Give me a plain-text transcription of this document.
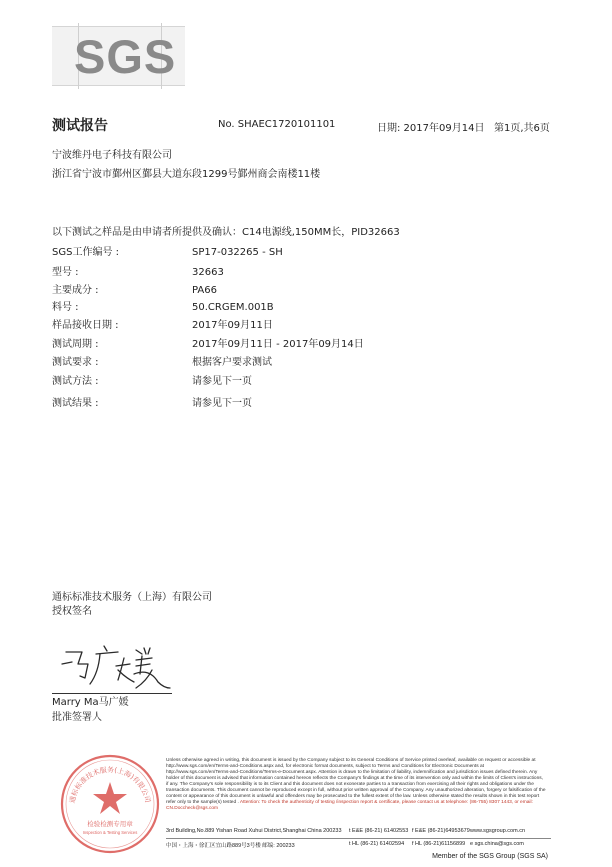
SGS
测试报告	No. SHAEC1720101101	日期: 2017年09月14日 第1页,共6页
宁波维丹电子科技有限公司
浙江省宁波市鄞州区鄞县大道东段1299号鄞州商会南楼11楼
以下测试之样品是由申请者所提供及确认：C14电源线,150MM长，PID32663
SGS工作编号 :	SP17-032265 - SH
型号 :	32663
主要成分 :	PA66
料号 :	50.CRGEM.001B
样品接收日期 :	2017年09月11日
测试周期 :	2017年09月11日 - 2017年09月14日
测试要求 :	根据客户要求测试
测试方法 :	请参见下一页
测试结果 :	请参见下一页
通标标准技术服务（上海）有限公司
授权签名
Marry Ma马广媛
批准签署人
通标标准技术服务(上海)有限公司
检验检测专用章
Inspection & Testing Services
Unless otherwise agreed in writing, this document is issued by the Company subject to its General Conditions of Service printed overleaf, available on request or accessible at http://www.sgs.com/en/Terms-and-Conditions.aspx and, for electronic format documents, subject to Terms and Conditions for Electronic Documents at http://www.sgs.com/en/Terms-and-Conditions/Terms-e-Document.aspx. Attention is drawn to the limitation of liability, indemnification and jurisdiction issues defined therein. Any holder of this document is advised that information contained hereon reflects the Company's findings at the time of its intervention only and within the limits of Client's instructions, if any. The Company's sole responsibility is to its Client and this document does not exonerate parties to a transaction from exercising all their rights and obligations under the transaction documents. This document cannot be reproduced except in full, without prior written approval of the Company. Any unauthorized alteration, forgery or falsification of the content or appearance of this document is unlawful and offenders may be prosecuted to the fullest extent of the law. Unless otherwise stated the results shown in this test report refer only to the sample(s) tested . Attention: To check the authenticity of testing /inspection report & certificate, please contact us at telephone: (86-755) 8307 1443, or email: CN.Doccheck@sgs.com
3rd Building,No.889 Yishan Road Xuhui District,Shanghai China 200233 t E&E (86-21) 61402553 f E&E (86-21)64953679 www.sgsgroup.com.cn
中国・上海・徐汇区宜山路889号3号楼 邮编: 200233	t HL (86-21) 61402594 f HL (86-21)61156899 e sgs.china@sgs.com
Member of the SGS Group (SGS SA)
